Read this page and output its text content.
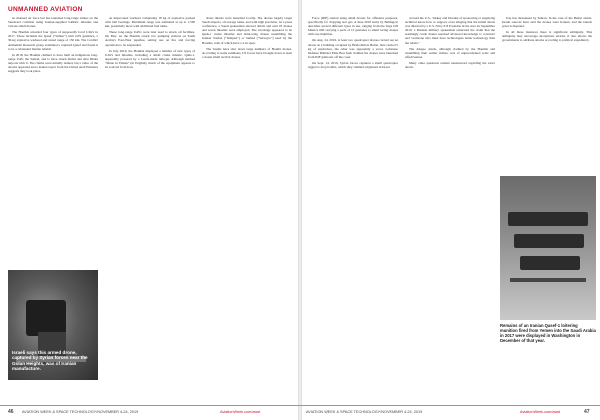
UNMANNED AVIATION

no manned air force but has launched long-range strikes on the Saudi-led coalition using Iranian-supplied ballistic missiles and various small drones.

The Houthis unveiled four types of supposedly local UAVs in 2017. These included the Qasef ("Striker") with GPS guidance, a 30-kg explosive warhead and stated range of 150 km. The Conflict Armament Research group examined a captured Qasef and found it to be a rebranded Iranian Ababil.

In 2018, the Houthis claimed to have built an indigenous long-range UAV, the Samad, and to have struck Dubai and Abu Dhabi airports with it. The claims were initially denied, but a video of the attacks appeared and a leaked report from the United Arab Emirates suggests they took place.

an improvised warhead comprising 18 kg of explosive packed with ball bearings. Maximum range was estimated at up to 1,500 km, potentially more with additional fuel tanks.

These long-range UAVs were later used to attack oil facilities. On May 14, the Houthis struck two pumping stations on Saudi Arabia's East-West pipeline, setting one on fire and forcing operations to be suspended.

In July 2019, the Houthis displayed a number of new types of UAVs and missiles, including a small cruise missile, Quds-1, apparently powered by a Czech-made turbojet. Although marked "Made in Yemen" (in English), much of the equipment appears to be sourced from Iran.

drone threats were launched locally. The drones largely target Saudi airports, oil storage tanks, and with high precision. At a press conference, a Saudi spokesman showed debris and said 18 drones and seven missiles were employed. The wreckage appeared to be Quds-1 cruise missiles and delta-wing drones resembling the Iranian Toufan ("Tempest") or Samad ("Surveyor") used by the Houthis, both of which have a 2-m span.

The Saudis have shot down large numbers of Houthi drones. According to some estimates, US forces have brought down at least a dozen small tactical drones.

Israeli says this armed drone, captured by Syrian forces near the Golan Heights, was of Iranian manufacture.

Force (IDF) started using small drones for offensive purposes, specifically for dropping tear gas. A June 2018 study by Bellingcat describes several different types in use, ranging from the large DJI Matrice 600 carrying a pack of 12 grenades to small racing drones with one munition.

On Aug. 24, 2019, at least two quadcopter drones carried out an attack on a building occupied by Hezbollah in Beirut. One carried 5 kg of explosives, the other was apparently a scout. Lebanese Defense Minister Elias Bou Saab claimed the drones were launched from IDF gunboats off the coast.

On Sept. 14, 2019, Syrian forces captured a small quadcopter rigged to drop bombs, which they claimed originated in Israel.

crossed the U.S., Turkey and Ukraine of sponsoring or supplying technical know-how or support, even alleging that the initial attack was directed by a U.S. Navy P-8 Poseidon in the area. In September 2019, a Russian military spokesman reiterated the claim that the seemingly crude drones required advanced knowledge to construct and "someone who must have technologies better technology than the rebels."

The Aleppo attack, although claimed by the Houthis and resembling their earlier strikes, was of unprecedented scale and effectiveness.

Many other questions remain unanswered regarding the exact attack.

Iraq has threatened by Tehran. In the case of the Beirut attack, Israeli sources have said the drones were Iranian, and the launch point is disputed.

In all these instances there is significant ambiguity. This ambiguity may encourage anonymous attacks. It also allows the governments to attribute attacks according to political expediency.

Remains of an Iranian Qasef-1 loitering munition fired from Yemen into the Saudi Arabia in 2017 were displayed in Washington in December of that year.
46 AVIATION WEEK & SPACE TECHNOLOGY/NOVEMBER 4-24, 2019	AviationWeek.com/awst	AVIATION WEEK & SPACE TECHNOLOGY/NOVEMBER 4-24, 2019	AviationWeek.com/awst	47
